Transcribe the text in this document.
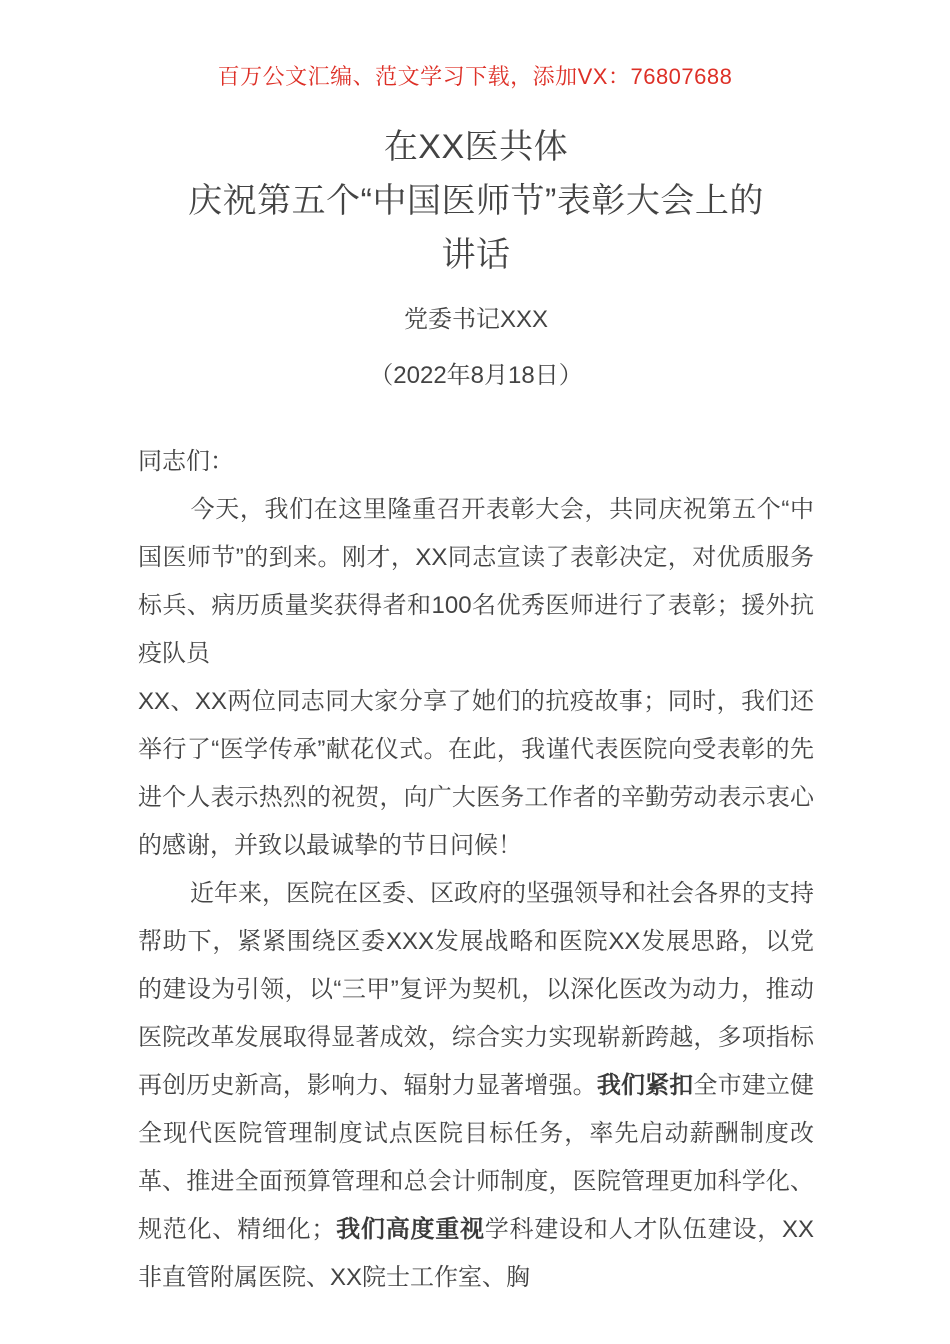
百万公文汇编、范文学习下载，添加VX：76807688
在XX医共体
庆祝第五个“中国医师节”表彰大会上的
讲话
党委书记XXX
（2022年8月18日）
同志们：

今天，我们在这里隆重召开表彰大会，共同庆祝第五个“中国医师节”的到来。刚才，XX同志宣读了表彰决定，对优质服务标兵、病历质量奖获得者和100名优秀医师进行了表彰；援外抗疫队员
XX、XX两位同志同大家分享了她们的抗疫故事；同时，我们还举行了“医学传承”献花仪式。在此，我谨代表医院向受表彰的先进个人表示热烈的祝贺，向广大医务工作者的辛勤劳动表示衷心的感谢，并致以最诚挚的节日问候！

近年来，医院在区委、区政府的坚强领导和社会各界的支持帮助下，紧紧围绕区委XXX发展战略和医院XX发展思路，以党的建设为引领，以“三甲”复评为契机，以深化医改为动力，推动医院改革发展取得显著成效，综合实力实现崭新跨越，多项指标再创历史新高，影响力、辐射力显著增强。我们紧扣全市建立健全现代医院管理制度试点医院目标任务，率先启动薪酬制度改革、推进全面预算管理和总会计师制度，医院管理更加科学化、规范化、精细化；我们高度重视学科建设和人才队伍建设，XX非直管附属医院、XX院士工作室、胸
